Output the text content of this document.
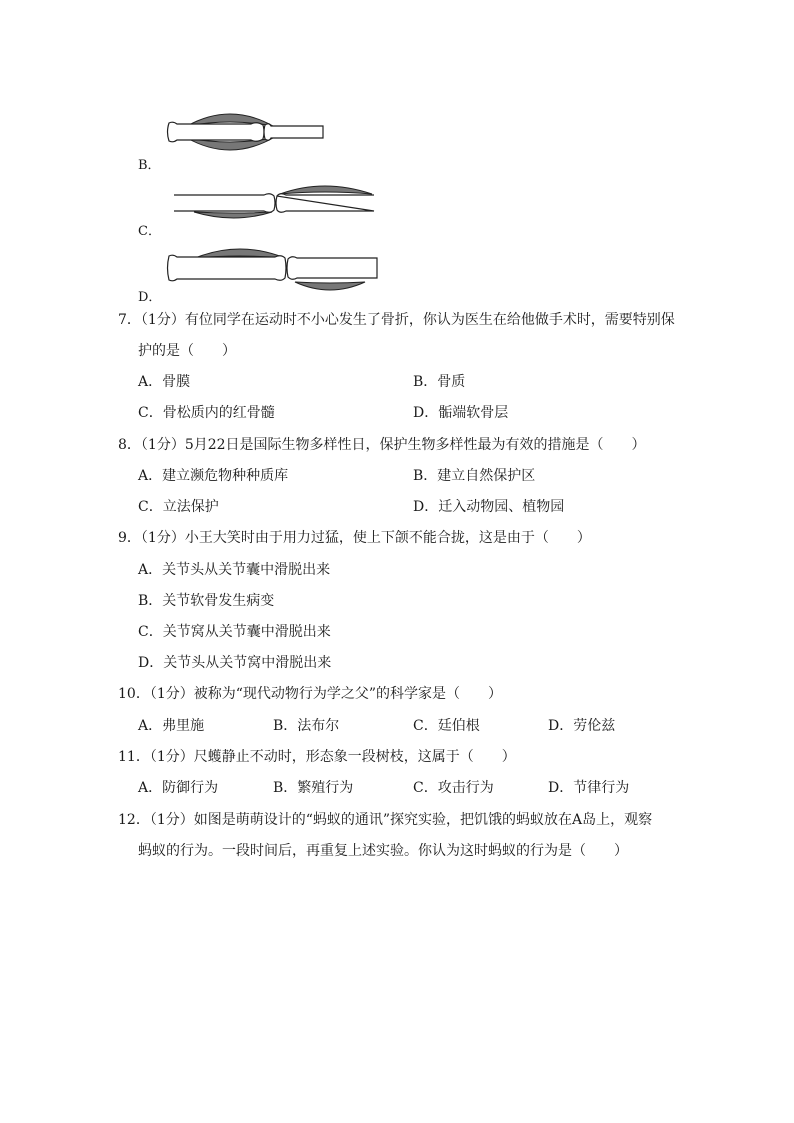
B．
C．
D．
7．（1分）有位同学在运动时不小心发生了骨折，你认为医生在给他做手术时，需要特别保
护的是（　　）
A．骨膜	B．骨质
C．骨松质内的红骨髓	D．骺端软骨层
8．（1分）5月22日是国际生物多样性日，保护生物多样性最为有效的措施是（　　）
A．建立濒危物种种质库	B．建立自然保护区
C．立法保护	D．迁入动物园、植物园
9．（1分）小王大笑时由于用力过猛，使上下颌不能合拢，这是由于（　　）
A．关节头从关节囊中滑脱出来
B．关节软骨发生病变
C．关节窝从关节囊中滑脱出来
D．关节头从关节窝中滑脱出来
10．（1分）被称为“现代动物行为学之父”的科学家是（　　）
A．弗里施	B．法布尔	C．廷伯根	D．劳伦兹
11．（1分）尺蠖静止不动时，形态象一段树枝，这属于（　　）
A．防御行为	B．繁殖行为	C．攻击行为	D．节律行为
12．（1分）如图是萌萌设计的“蚂蚁的通讯”探究实验，把饥饿的蚂蚁放在A岛上，观察
蚂蚁的行为。一段时间后，再重复上述实验。你认为这时蚂蚁的行为是（　　）
